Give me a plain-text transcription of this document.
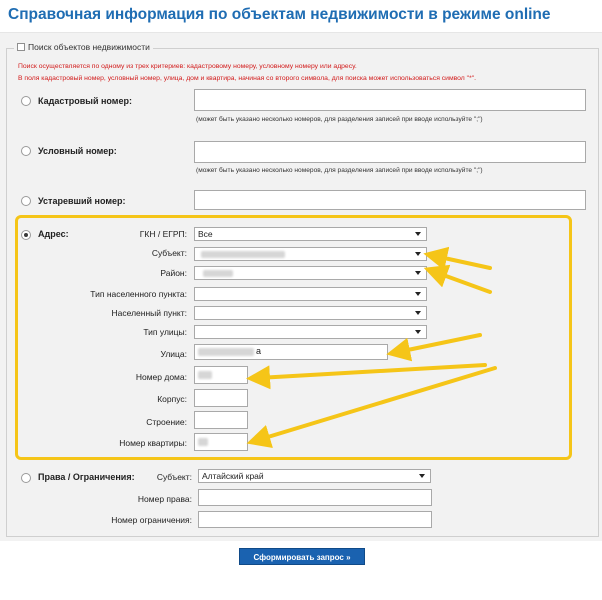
Справочная информация по объектам недвижимости в режиме online
Поиск объектов недвижимости
Поиск осуществляется по одному из трех критериев: кадастровому номеру, условному номеру или адресу.
В поля кадастровый номер, условный номер, улица, дом и квартира, начиная со второго символа, для поиска может использоваться символ "*".
Кадастровый номер:
(может быть указано несколько номеров, для разделения записей при вводе используйте ";")
Условный номер:
(может быть указано несколько номеров, для разделения записей при вводе используйте ";")
Устаревший номер:
Адрес:	ГКН / ЕГРП:	Все
Субъект:
Район:
Тип населенного пункта:
Населенный пункт:
Тип улицы:
Улица:	а
Номер дома:
Корпус:
Строение:
Номер квартиры:
Права / Ограничения:	Субъект:	Алтайский край
Номер права:
Номер ограничения:
Сформировать запрос »
